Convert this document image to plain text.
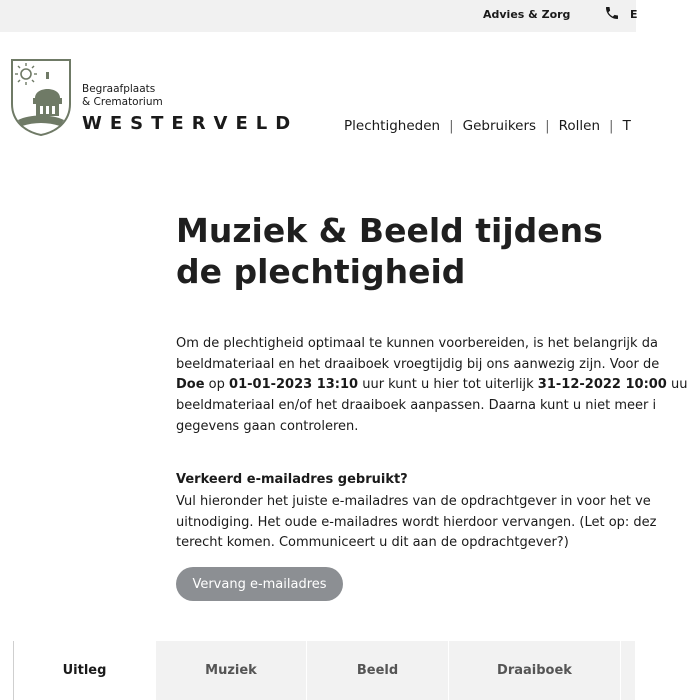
Advies & Zorg	E
Begraafplaats
& Crematorium
WESTERVELD	Plechtigheden | Gebruikers | Rollen | T
Muziek & Beeld tijdens de plechtigheid
Om de plechtigheid optimaal te kunnen voorbereiden, is het belangrijk da
beeldmateriaal en het draaiboek vroegtijdig bij ons aanwezig zijn. Voor de
Doe op 01-01-2023 13:10 uur kunt u hier tot uiterlijk 31-12-2022 10:00 uu
beeldmateriaal en/of het draaiboek aanpassen. Daarna kunt u niet meer i
gegevens gaan controleren.
Verkeerd e-mailadres gebruikt?
Vul hieronder het juiste e-mailadres van de opdrachtgever in voor het ve
uitnodiging. Het oude e-mailadres wordt hierdoor vervangen. (Let op: dez
terecht komen. Communiceert u dit aan de opdrachtgever?)
Vervang e-mailadres
Uitleg	Muziek	Beeld	Draaiboek
